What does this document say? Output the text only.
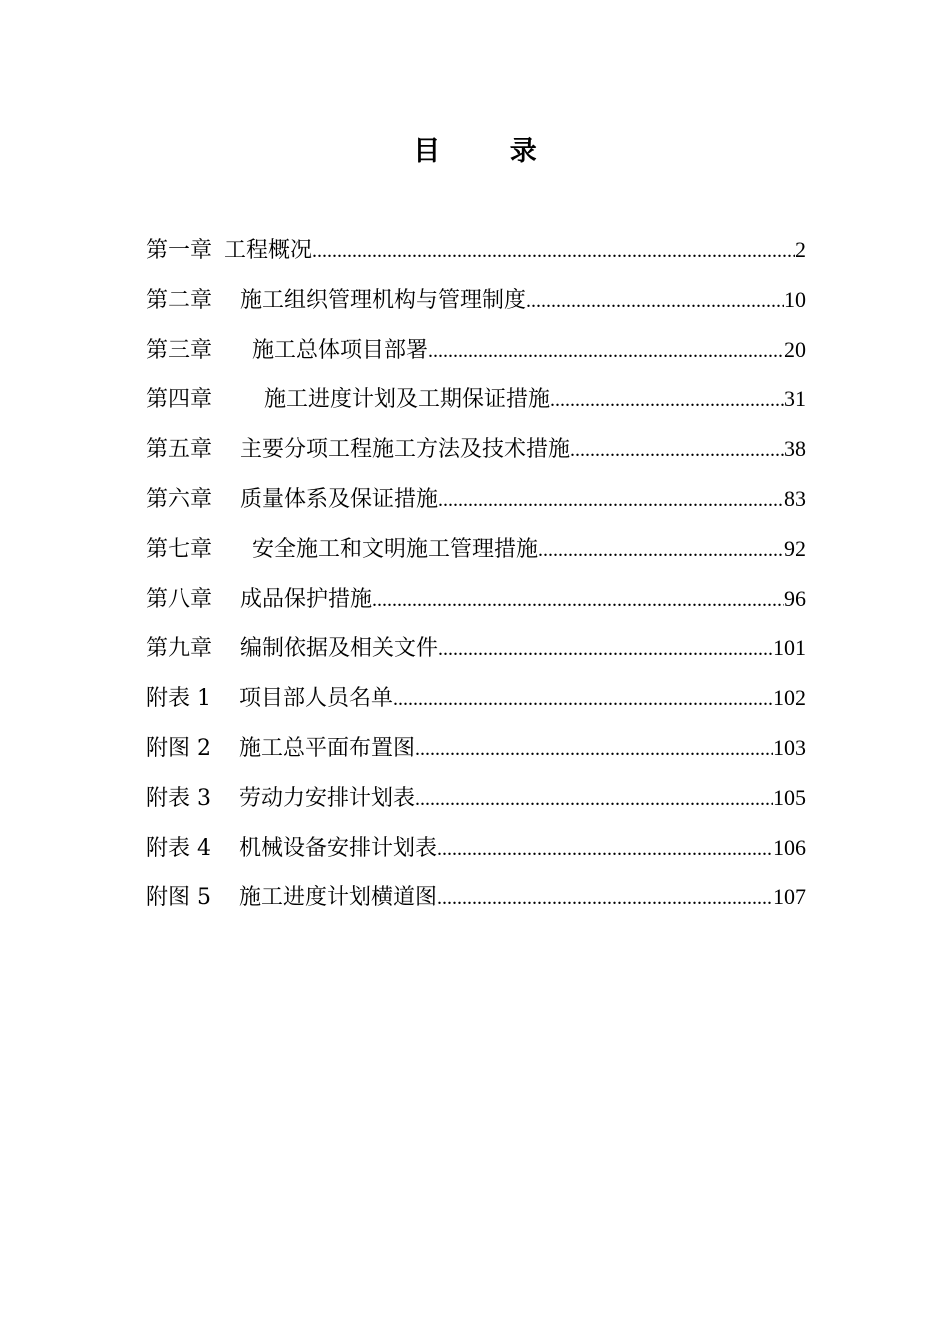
目 录
第一章 工程概况 .....	2
第二章 施工组织管理机构与管理制度 .....	10
第三章 施工总体项目部署 .....	20
第四章 施工进度计划及工期保证措施 .....	31
第五章 主要分项工程施工方法及技术措施 .....	38
第六章 质量体系及保证措施 .....	83
第七章 安全施工和文明施工管理措施 .....	92
第八章 成品保护措施 .....	96
第九章 编制依据及相关文件 .....	101
附表 1 项目部人员名单 .....	102
附图 2 施工总平面布置图 .....	103
附表 3 劳动力安排计划表 .....	105
附表 4 机械设备安排计划表 .....	106
附图 5 施工进度计划横道图 .....	107
